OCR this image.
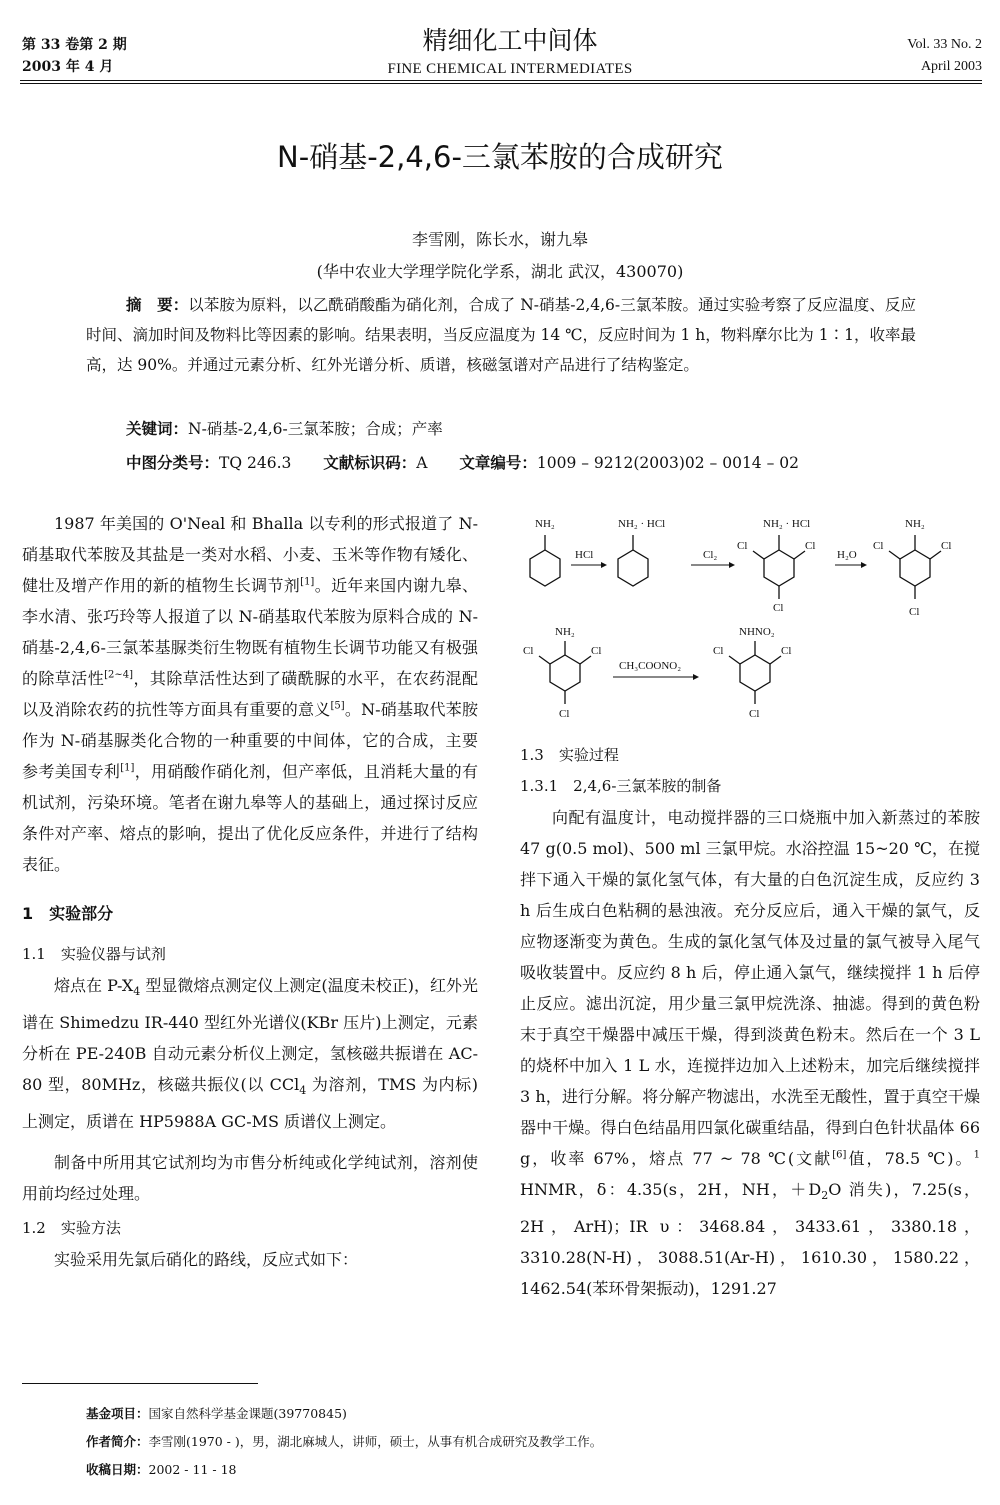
第 33 卷第 2 期
2003 年 4 月
精细化工中间体
FINE CHEMICAL INTERMEDIATES
Vol. 33 No. 2
April 2003
N-硝基-2,4,6-三氯苯胺的合成研究
李雪刚，陈长水，谢九皋
(华中农业大学理学院化学系，湖北 武汉，430070)
摘　要：以苯胺为原料，以乙酰硝酸酯为硝化剂，合成了 N-硝基-2,4,6-三氯苯胺。通过实验考察了反应温度、反应时间、滴加时间及物料比等因素的影响。结果表明，当反应温度为 14 ℃，反应时间为 1 h，物料摩尔比为 1∶1，收率最高，达 90%。并通过元素分析、红外光谱分析、质谱，核磁氢谱对产品进行了结构鉴定。
关键词：N-硝基-2,4,6-三氯苯胺；合成；产率
中图分类号：TQ 246.3 文献标识码：A 文章编号：1009 – 9212(2003)02 – 0014 – 02

1987 年美国的 O'Neal 和 Bhalla 以专利的形式报道了 N-硝基取代苯胺及其盐是一类对水稻、小麦、玉米等作物有矮化、健壮及增产作用的新的植物生长调节剂[1]。近年来国内谢九皋、李水清、张巧玲等人报道了以 N-硝基取代苯胺为原料合成的 N-硝基-2,4,6-三氯苯基脲类衍生物既有植物生长调节功能又有极强的除草活性[2~4]，其除草活性达到了磺酰脲的水平，在农药混配以及消除农药的抗性等方面具有重要的意义[5]。N-硝基取代苯胺作为 N-硝基脲类化合物的一种重要的中间体，它的合成，主要参考美国专利[1]，用硝酸作硝化剂，但产率低，且消耗大量的有机试剂，污染环境。笔者在谢九皋等人的基础上，通过探讨反应条件对产率、熔点的影响，提出了优化反应条件，并进行了结构表征。

1　实验部分
1.1　实验仪器与试剂

熔点在 $P-X_4$ 型显微熔点测定仪上测定(温度未校正)，红外光谱在 Shimedzu IR-440 型红外光谱仪(KBr 压片)上测定，元素分析在 PE-240B 自动元素分析仪上测定，氢核磁共振谱在 AC-80 型，80MHz，核磁共振仪(以 CCl$_4$ 为溶剂，TMS 为内标)上测定，质谱在 HP5988A GC-MS 质谱仪上测定。

制备中所用其它试剂均为市售分析纯或化学纯试剂，溶剂使用前均经过处理。

1.2　实验方法

实验采用先氯后硝化的路线，反应式如下：

NH₂
HCl
NH₂ · HCl
Cl₂
NH₂ · HCl
Cl	Cl
Cl
H₂O
NH₂
Cl	Cl
Cl
NH₂
Cl	Cl
Cl
CH₃COONO₂
NHNO₂
Cl	Cl
Cl
1.3　实验过程
1.3.1　2,4,6-三氯苯胺的制备

向配有温度计，电动搅拌器的三口烧瓶中加入新蒸过的苯胺 47 g(0.5 mol)、500 ml 三氯甲烷。水浴控温 15~20 ℃，在搅拌下通入干燥的氯化氢气体，有大量的白色沉淀生成，反应约 3 h 后生成白色粘稠的悬浊液。充分反应后，通入干燥的氯气，反应物逐渐变为黄色。生成的氯化氢气体及过量的氯气被导入尾气吸收装置中。反应约 8 h 后，停止通入氯气，继续搅拌 1 h 后停止反应。滤出沉淀，用少量三氯甲烷洗涤、抽滤。得到的黄色粉末于真空干燥器中减压干燥，得到淡黄色粉末。然后在一个 3 L 的烧杯中加入 1 L 水，连搅拌边加入上述粉末，加完后继续搅拌 3 h，进行分解。将分解产物滤出，水洗至无酸性，置于真空干燥器中干燥。得白色结晶用四氯化碳重结晶，得到白色针状晶体 66 g，收率 67%，熔点 77 ~ 78 ℃(文献[6]值，78.5 ℃)。$^1$ HNMR，δ：4.35(s，2H，NH，$+D_2O$ 消失)，7.25(s，2H，ArH)；IR υ：3468.84，3433.61，3380.18，3310.28(N-H)，3088.51(Ar-H)，1610.30，1580.22，1462.54(苯环骨架振动)，1291.27

基金项目：国家自然科学基金课题(39770845)
作者简介：李雪刚(1970 - )，男，湖北麻城人，讲师，硕士，从事有机合成研究及教学工作。
收稿日期：2002 - 11 - 18
